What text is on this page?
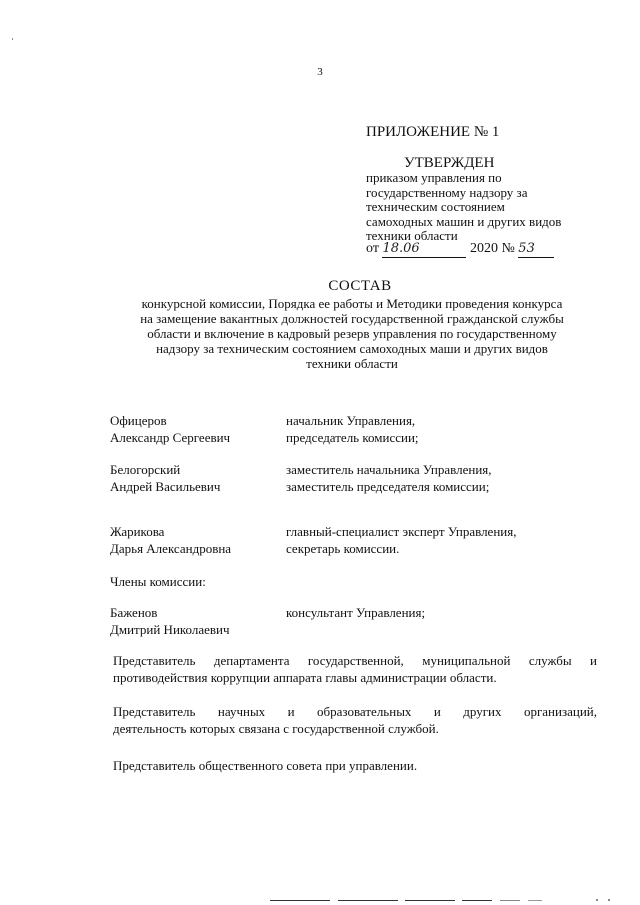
3
ПРИЛОЖЕНИЕ № 1
УТВЕРЖДЕН
приказом управления по
государственному надзору за
техническим состоянием
самоходных машин и других видов
техники области
от 18.06	2020 № 53
СОСТАВ
конкурсной комиссии, Порядка ее работы и Методики проведения конкурса
на замещение вакантных должностей государственной гражданской службы
области и включение в кадровый резерв управления по государственному
надзору за техническим состоянием самоходных маши и других видов
техники области
Офицеров
Александр Сергеевич
начальник Управления,
председатель комиссии;
Белогорский
Андрей Васильевич
заместитель начальника Управления,
заместитель председателя комиссии;
Жарикова
Дарья Александровна
главный-специалист эксперт Управления,
секретарь комиссии.
Члены комиссии:
Баженов
Дмитрий Николаевич
консультант Управления;
Представитель департамента государственной, муниципальной службы и
противодействия коррупции аппарата главы администрации области.
Представитель научных и образовательных и других организаций,
деятельность которых связана с государственной службой.
Представитель общественного совета при управлении.
